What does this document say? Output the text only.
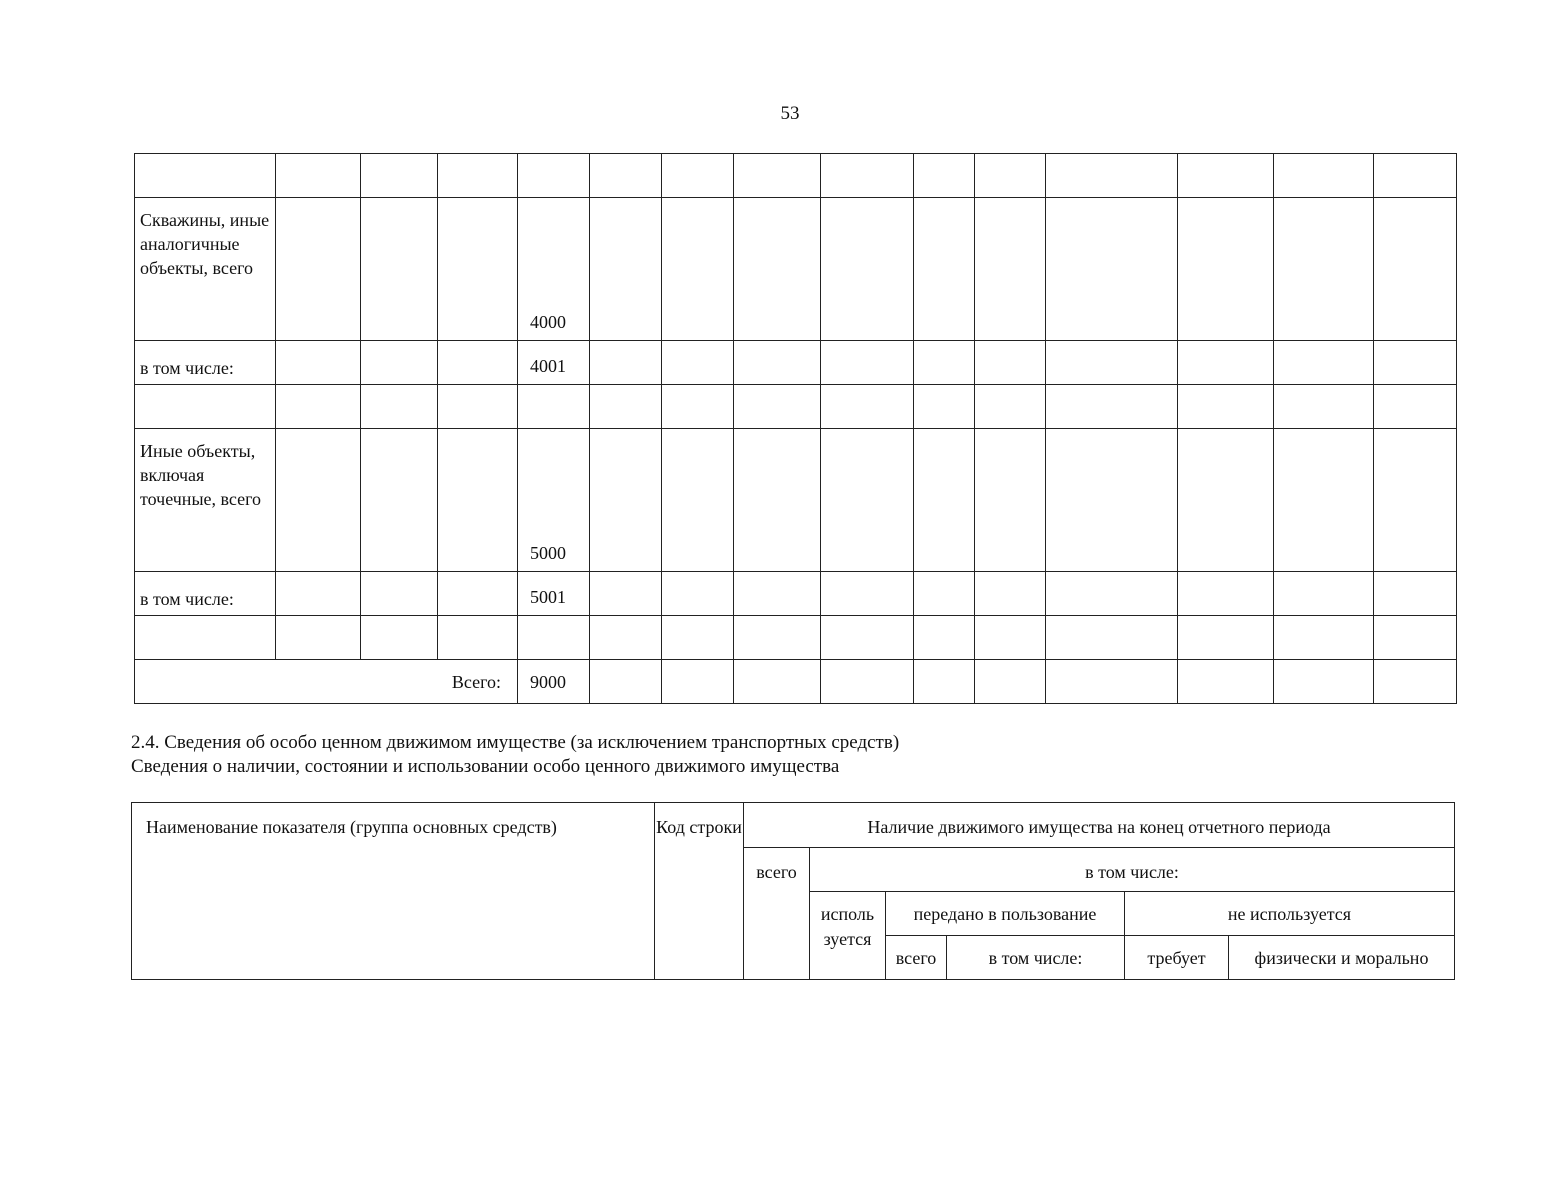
53

Скважины, иные аналогичные объекты, всего				4000										
в том числе:				4001										

Иные объекты, включая точечные, всего				5000										
в том числе:				5001										

Всего:				9000										
2.4. Сведения об особо ценном движимом имуществе (за исключением транспортных средств)
Сведения о наличии, состоянии и использовании особо ценного движимого имущества
Наименование показателя (группа основных средств)	Код строки	Наличие движимого имущества на конец отчетного периода					
		всего	в том числе:				
			исполь зуется	передано в пользование		не используется	
				всего	в том числе:	требует	физически и морально
